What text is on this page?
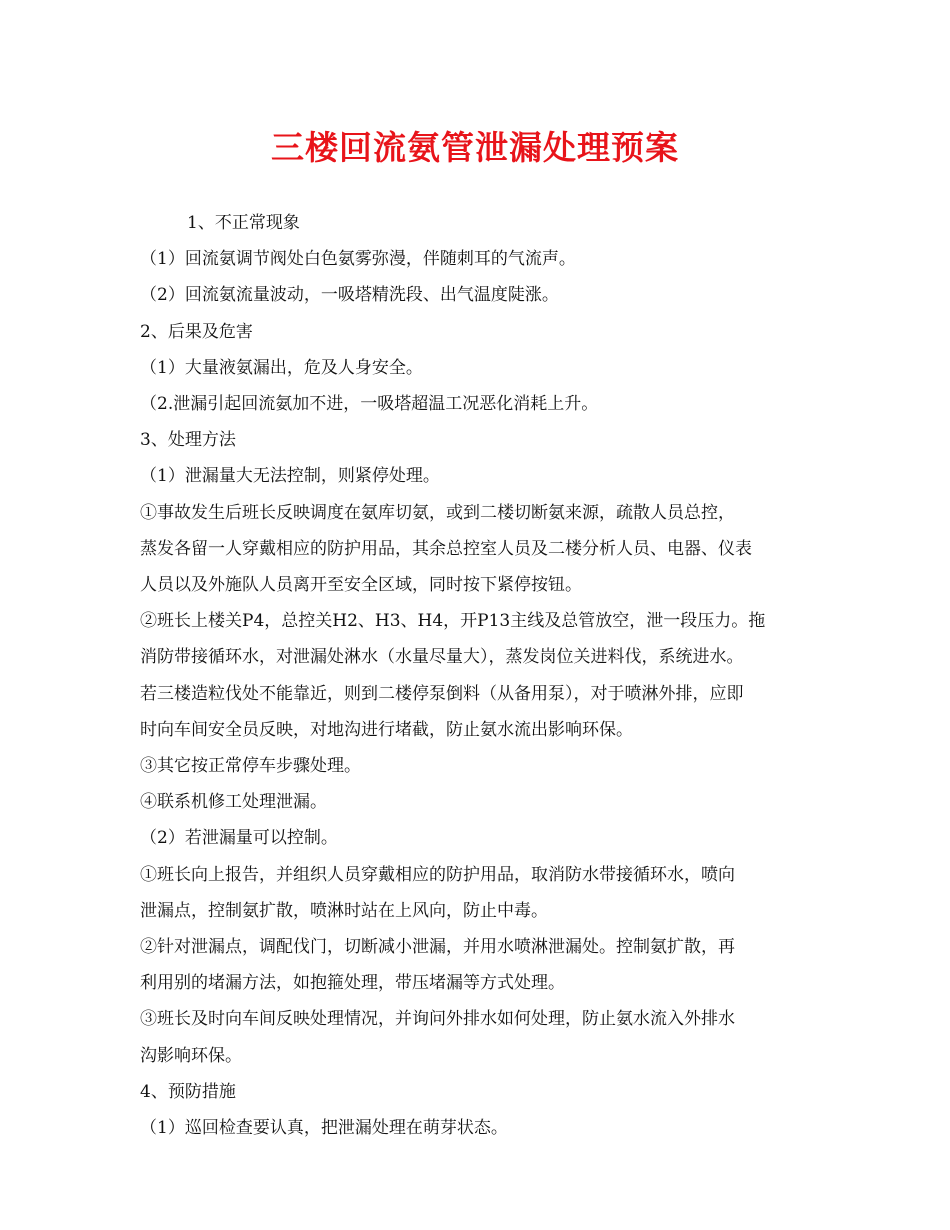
三楼回流氨管泄漏处理预案
1、不正常现象
（1）回流氨调节阀处白色氨雾弥漫，伴随刺耳的气流声。
（2）回流氨流量波动，一吸塔精洗段、出气温度陡涨。
2、后果及危害
（1）大量液氨漏出，危及人身安全。
（2.泄漏引起回流氨加不进，一吸塔超温工况恶化消耗上升。
3、处理方法
（1）泄漏量大无法控制，则紧停处理。
①事故发生后班长反映调度在氨库切氨，或到二楼切断氨来源，疏散人员总控，
蒸发各留一人穿戴相应的防护用品，其余总控室人员及二楼分析人员、电器、仪表
人员以及外施队人员离开至安全区域，同时按下紧停按钮。
②班长上楼关P4，总控关H2、H3、H4，开P13主线及总管放空，泄一段压力。拖
消防带接循环水，对泄漏处淋水（水量尽量大），蒸发岗位关进料伐，系统进水。
若三楼造粒伐处不能靠近，则到二楼停泵倒料（从备用泵），对于喷淋外排，应即
时向车间安全员反映，对地沟进行堵截，防止氨水流出影响环保。
③其它按正常停车步骤处理。
④联系机修工处理泄漏。
（2）若泄漏量可以控制。
①班长向上报告，并组织人员穿戴相应的防护用品，取消防水带接循环水，喷向
泄漏点，控制氨扩散，喷淋时站在上风向，防止中毒。
②针对泄漏点，调配伐门，切断减小泄漏，并用水喷淋泄漏处。控制氨扩散，再
利用别的堵漏方法，如抱箍处理，带压堵漏等方式处理。
③班长及时向车间反映处理情况，并询问外排水如何处理，防止氨水流入外排水
沟影响环保。
4、预防措施
（1）巡回检查要认真，把泄漏处理在萌芽状态。
